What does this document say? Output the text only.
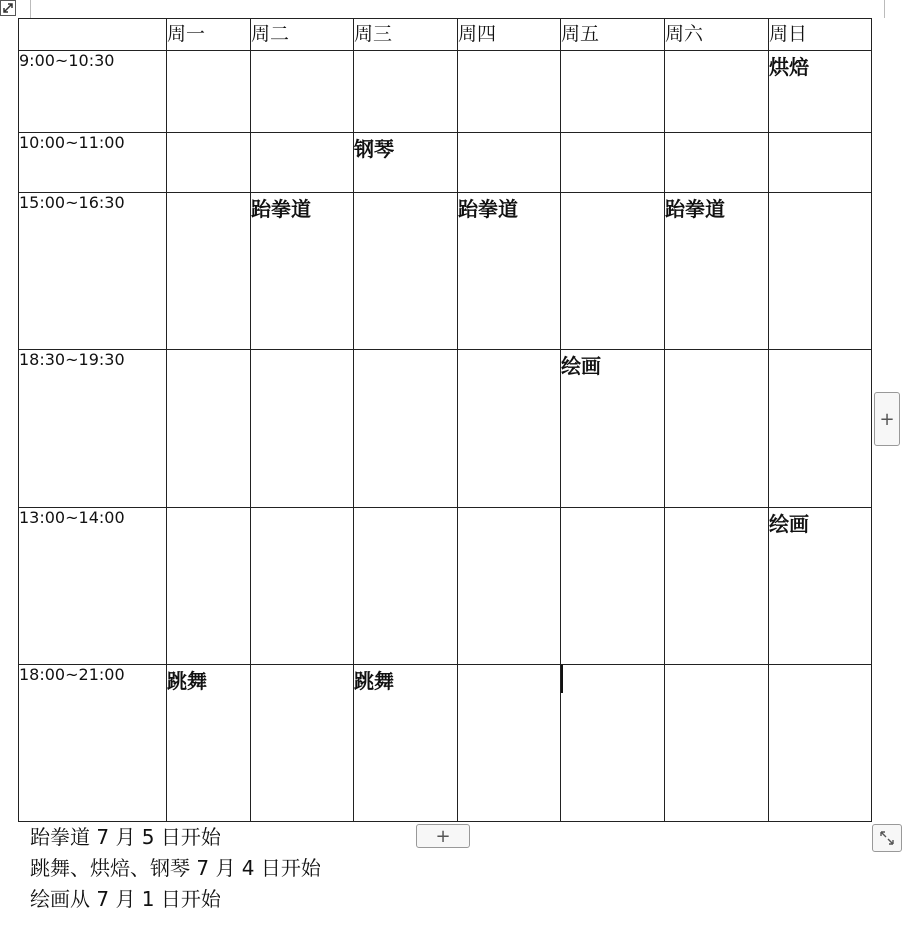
	周一	周二	周三	周四	周五	周六	周日
9:00~10:30							烘焙
10:00~11:00			钢琴				
15:00~16:30		跆拳道		跆拳道		跆拳道	
18:30~19:30					绘画		
13:00~14:00							绘画
18:00~21:00	跳舞		跳舞				
+
+
跆拳道 7 月 5 日开始
跳舞、烘焙、钢琴 7 月 4 日开始
绘画从 7 月 1 日开始
